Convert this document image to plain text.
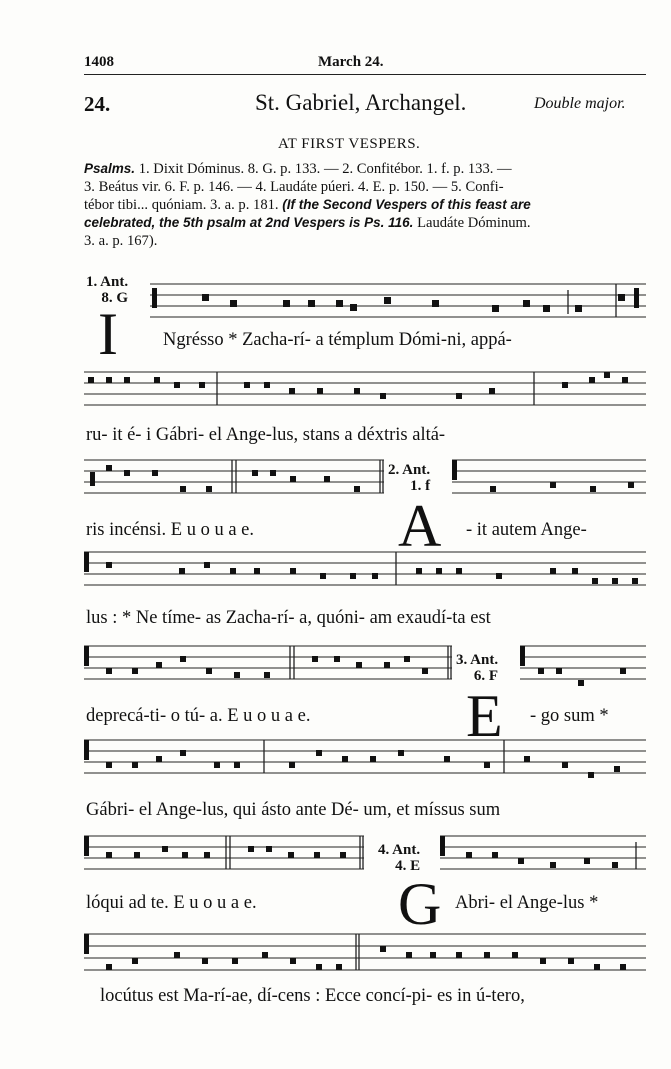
1408	March 24.
24.	St. Gabriel, Archangel.	Double major.
AT FIRST VESPERS.
Psalms. 1. Dixit Dóminus. 8. G. p. 133. — 2. Confitébor. 1. f. p. 133. —
3. Beátus vir. 6. F. p. 146. — 4. Laudáte púeri. 4. E. p. 150. — 5. Confi-
tébor tibi... quóniam. 3. a. p. 181. (If the Second Vespers of this feast are
celebrated, the 5th psalm at 2nd Vespers is Ps. 116. Laudáte Dóminum.
3. a. p. 167).
1. Ant.
8. G
I Ngrésso * Zacha-rí- a témplum Dómi-ni, appá-
ru- it é- i Gábri- el Ange-lus, stans a déxtris altá-
2. Ant.
1. f
ris incénsi. E u o u a e. A - it autem Ange-
lus : * Ne tíme- as Zacha-rí- a, quóni- am exaudí-ta est
3. Ant.
6. F
deprecá-ti- o tú- a. E u o u a e.	E - go sum *
Gábri- el Ange-lus, qui ásto ante Dé- um, et míssus sum
4. Ant.
4. E
lóqui ad te. E u o u a e. G Abri- el Ange-lus *
locútus est Ma-rí-ae, dí-cens : Ecce concí-pi- es in ú-tero,
